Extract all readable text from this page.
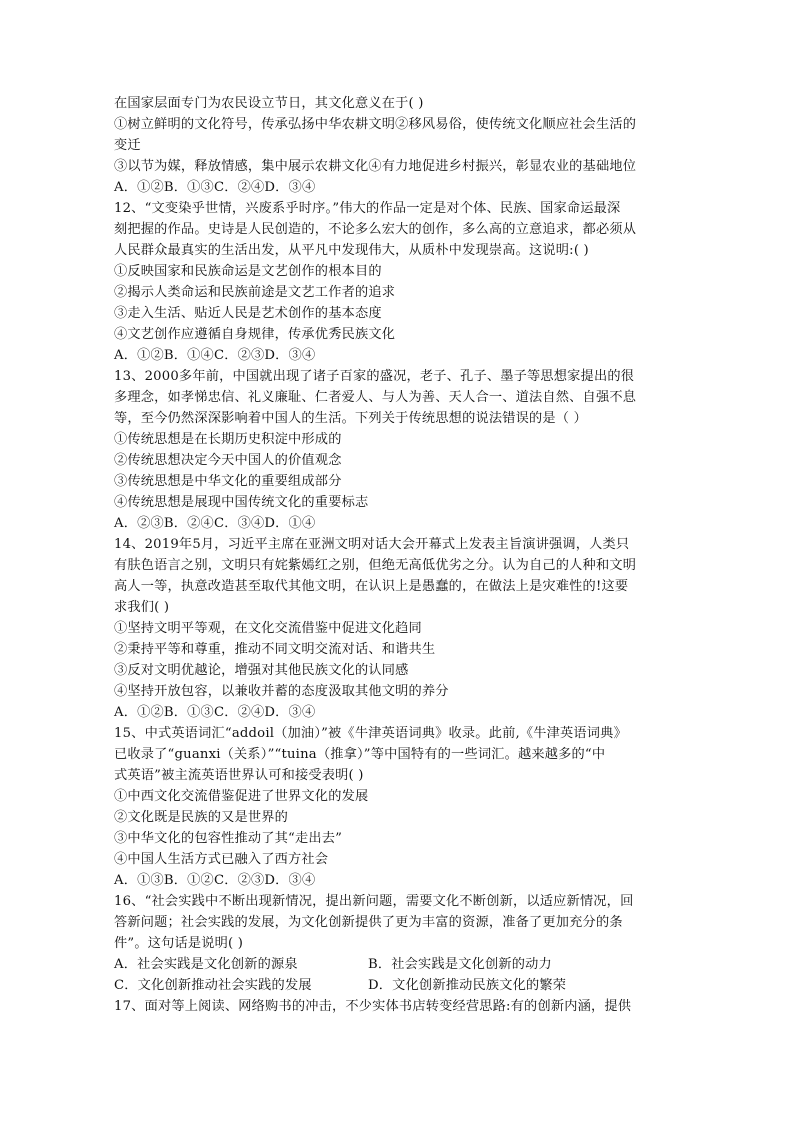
在国家层面专门为农民设立节日，其文化意义在于( )
①树立鲜明的文化符号，传承弘扬中华农耕文明②移风易俗，使传统文化顺应社会生活的
变迁
③以节为媒，释放情感，集中展示农耕文化④有力地促进乡村振兴，彰显农业的基础地位
A．①②B．①③C．②④D．③④
12、“文变染乎世情，兴废系乎时序。”伟大的作品一定是对个体、民族、国家命运最深
刻把握的作品。史诗是人民创造的，不论多么宏大的创作，多么高的立意追求，都必须从
人民群众最真实的生活出发，从平凡中发现伟大，从质朴中发现崇高。这说明:( )
①反映国家和民族命运是文艺创作的根本目的
②揭示人类命运和民族前途是文艺工作者的追求
③走入生活、贴近人民是艺术创作的基本态度
④文艺创作应遵循自身规律，传承优秀民族文化
A．①②B．①④C．②③D．③④
13、2000多年前，中国就出现了诸子百家的盛况，老子、孔子、墨子等思想家提出的很
多理念，如孝悌忠信、礼义廉耻、仁者爱人、与人为善、天人合一、道法自然、自强不息
等，至今仍然深深影响着中国人的生活。下列关于传统思想的说法错误的是（ ）
①传统思想是在长期历史积淀中形成的
②传统思想决定今天中国人的价值观念
③传统思想是中华文化的重要组成部分
④传统思想是展现中国传统文化的重要标志
A．②③B．②④C．③④D．①④
14、2019年5月，习近平主席在亚洲文明对话大会开幕式上发表主旨演讲强调，人类只
有肤色语言之别，文明只有姹紫嫣红之别，但绝无高低优劣之分。认为自己的人种和文明
高人一等，执意改造甚至取代其他文明，在认识上是愚蠢的，在做法上是灾难性的!这要
求我们( )
①坚持文明平等观，在文化交流借鉴中促进文化趋同
②秉持平等和尊重，推动不同文明交流对话、和谐共生
③反对文明优越论，增强对其他民族文化的认同感
④坚持开放包容，以兼收并蓄的态度汲取其他文明的养分
A．①②B．①③C．②④D．③④
15、中式英语词汇“addoil（加油）”被《牛津英语词典》收录。此前,《牛津英语词典》
已收录了“guanxi（关系）”“tuina（推拿）”等中国特有的一些词汇。越来越多的“中
式英语”被主流英语世界认可和接受表明( )
①中西文化交流借鉴促进了世界文化的发展
②文化既是民族的又是世界的
③中华文化的包容性推动了其“走出去”
④中国人生活方式已融入了西方社会
A．①③B．①②C．②③D．③④
16、“社会实践中不断出现新情况，提出新问题，需要文化不断创新，以适应新情况，回
答新问题；社会实践的发展，为文化创新提供了更为丰富的资源，准备了更加充分的条
件”。这句话是说明( )
A．社会实践是文化创新的源泉	B．社会实践是文化创新的动力
C．文化创新推动社会实践的发展	D．文化创新推动民族文化的繁荣
17、面对等上阅读、网络购书的冲击，不少实体书店转变经营思路:有的创新内涵，提供
